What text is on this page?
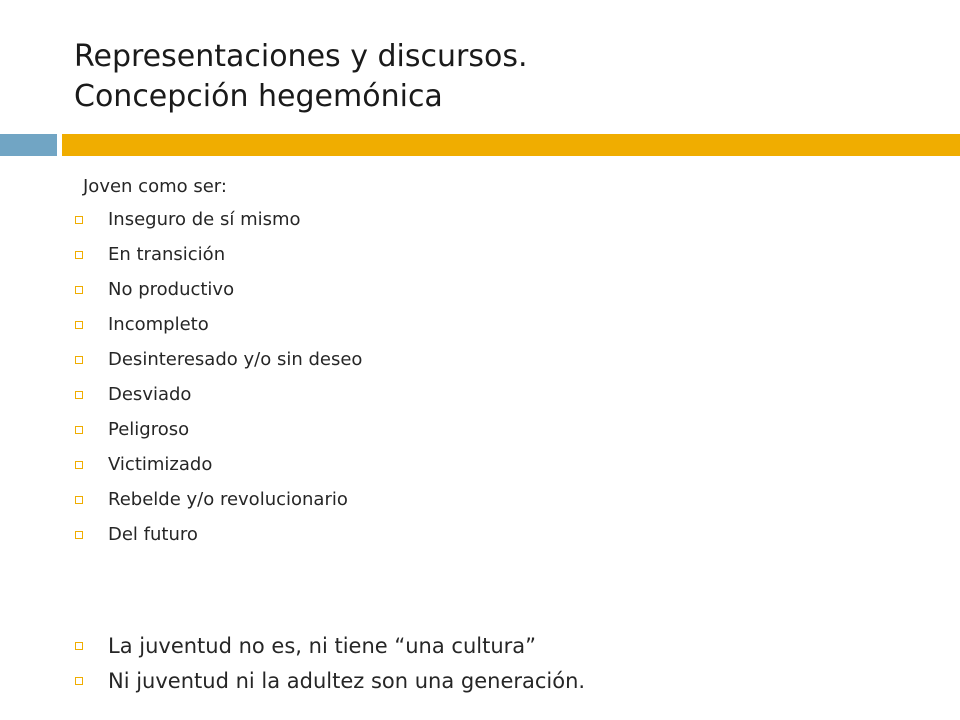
Representaciones y discursos.
Concepción hegemónica
Joven como ser:
Inseguro de sí mismo
En transición
No productivo
Incompleto
Desinteresado y/o sin deseo
Desviado
Peligroso
Victimizado
Rebelde y/o revolucionario
Del futuro
La juventud no es, ni tiene “una cultura”
Ni juventud ni la adultez son una generación.
